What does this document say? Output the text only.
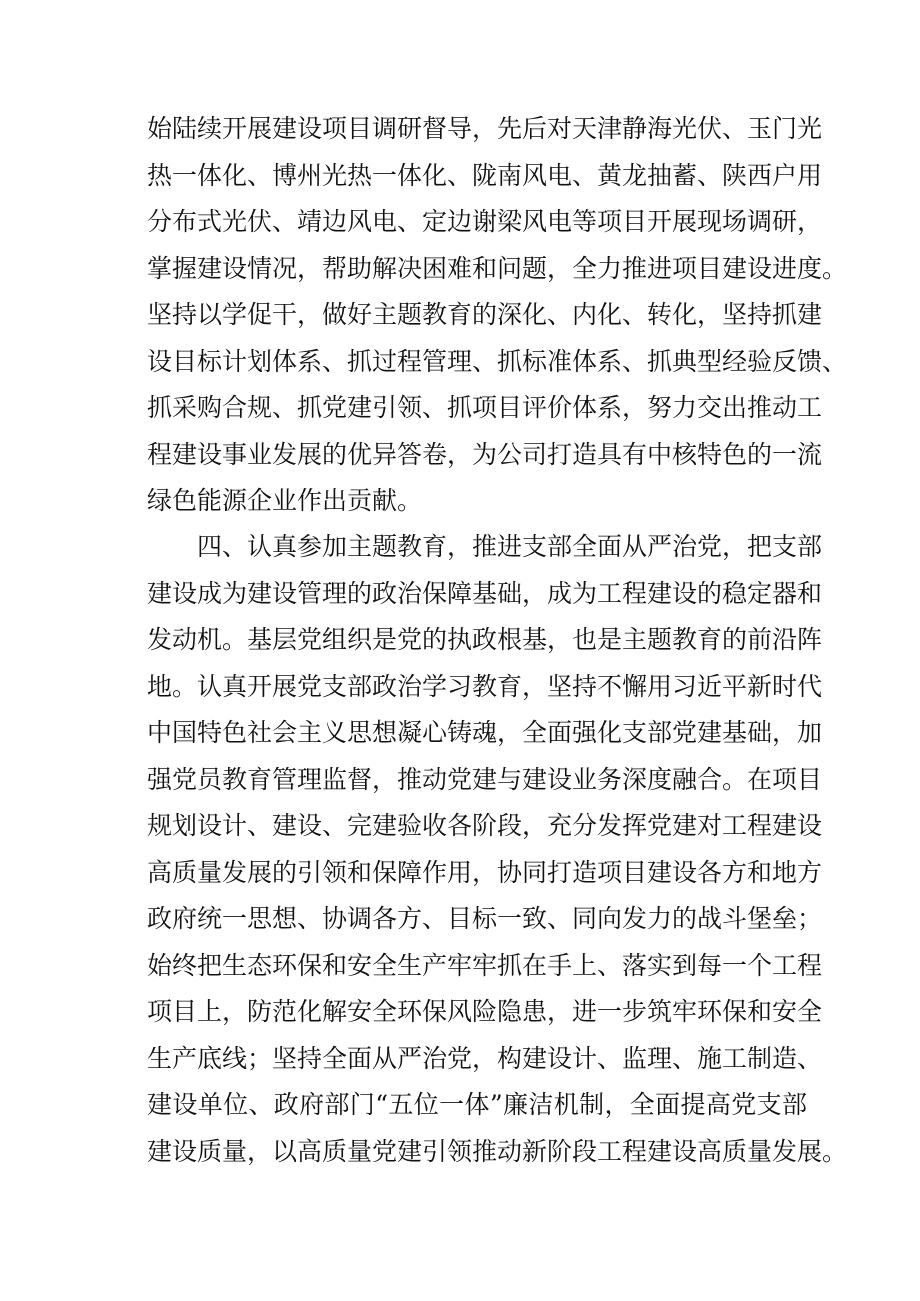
始陆续开展建设项目调研督导，先后对天津静海光伏、玉门光
热一体化、博州光热一体化、陇南风电、黄龙抽蓄、陕西户用
分布式光伏、靖边风电、定边谢梁风电等项目开展现场调研，
掌握建设情况，帮助解决困难和问题，全力推进项目建设进度。
坚持以学促干，做好主题教育的深化、内化、转化，坚持抓建
设目标计划体系、抓过程管理、抓标准体系、抓典型经验反馈、
抓采购合规、抓党建引领、抓项目评价体系，努力交出推动工
程建设事业发展的优异答卷，为公司打造具有中核特色的一流
绿色能源企业作出贡献。
　　四、认真参加主题教育，推进支部全面从严治党，把支部
建设成为建设管理的政治保障基础，成为工程建设的稳定器和
发动机。基层党组织是党的执政根基，也是主题教育的前沿阵
地。认真开展党支部政治学习教育，坚持不懈用习近平新时代
中国特色社会主义思想凝心铸魂，全面强化支部党建基础，加
强党员教育管理监督，推动党建与建设业务深度融合。在项目
规划设计、建设、完建验收各阶段，充分发挥党建对工程建设
高质量发展的引领和保障作用，协同打造项目建设各方和地方
政府统一思想、协调各方、目标一致、同向发力的战斗堡垒；
始终把生态环保和安全生产牢牢抓在手上、落实到每一个工程
项目上，防范化解安全环保风险隐患，进一步筑牢环保和安全
生产底线；坚持全面从严治党，构建设计、监理、施工制造、
建设单位、政府部门“五位一体”廉洁机制，全面提高党支部
建设质量，以高质量党建引领推动新阶段工程建设高质量发展。
